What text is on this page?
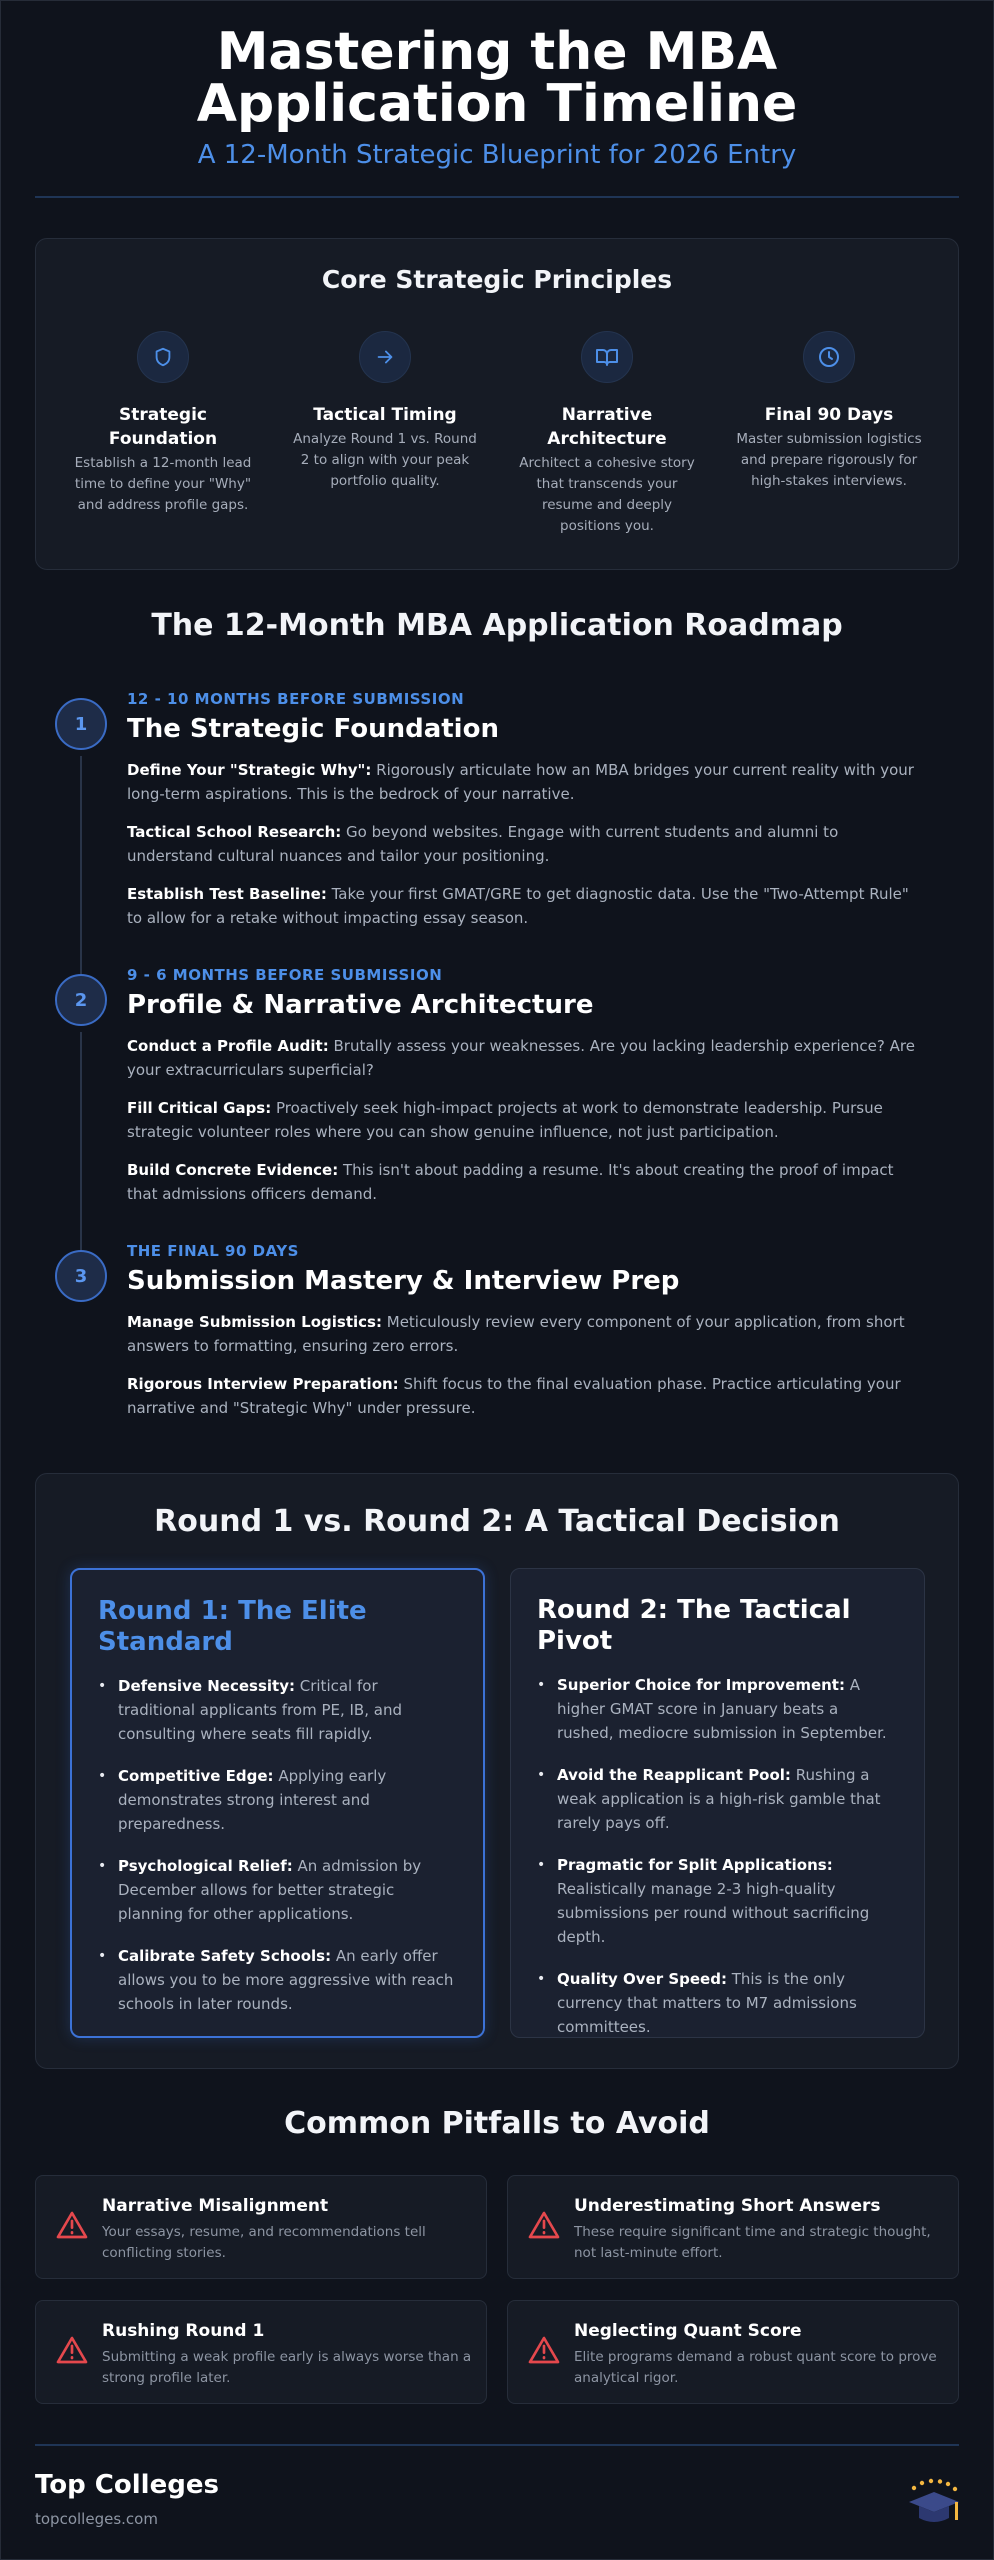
Mastering the MBA Application Timeline
A 12-Month Strategic Blueprint for 2026 Entry
Core Strategic Principles
Strategic Foundation
Establish a 12-month lead time to define your "Why" and address profile gaps.
Tactical Timing
Analyze Round 1 vs. Round 2 to align with your peak portfolio quality.
Narrative Architecture
Architect a cohesive story that transcends your resume and deeply positions you.
Final 90 Days
Master submission logistics and prepare rigorously for high-stakes interviews.
The 12-Month MBA Application Roadmap
1
12 - 10 MONTHS BEFORE SUBMISSION
The Strategic Foundation
Define Your "Strategic Why": Rigorously articulate how an MBA bridges your current reality with your long-term aspirations. This is the bedrock of your narrative.
Tactical School Research: Go beyond websites. Engage with current students and alumni to understand cultural nuances and tailor your positioning.
Establish Test Baseline: Take your first GMAT/GRE to get diagnostic data. Use the "Two-Attempt Rule" to allow for a retake without impacting essay season.
2
9 - 6 MONTHS BEFORE SUBMISSION
Profile & Narrative Architecture
Conduct a Profile Audit: Brutally assess your weaknesses. Are you lacking leadership experience? Are your extracurriculars superficial?
Fill Critical Gaps: Proactively seek high-impact projects at work to demonstrate leadership. Pursue strategic volunteer roles where you can show genuine influence, not just participation.
Build Concrete Evidence: This isn't about padding a resume. It's about creating the proof of impact that admissions officers demand.
3
THE FINAL 90 DAYS
Submission Mastery & Interview Prep
Manage Submission Logistics: Meticulously review every component of your application, from short answers to formatting, ensuring zero errors.
Rigorous Interview Preparation: Shift focus to the final evaluation phase. Practice articulating your narrative and "Strategic Why" under pressure.
Round 1 vs. Round 2: A Tactical Decision
Round 1: The Elite Standard
• Defensive Necessity: Critical for traditional applicants from PE, IB, and consulting where seats fill rapidly.
• Competitive Edge: Applying early demonstrates strong interest and preparedness.
• Psychological Relief: An admission by December allows for better strategic planning for other applications.
• Calibrate Safety Schools: An early offer allows you to be more aggressive with reach schools in later rounds.
Round 2: The Tactical Pivot
• Superior Choice for Improvement: A higher GMAT score in January beats a rushed, mediocre submission in September.
• Avoid the Reapplicant Pool: Rushing a weak application is a high-risk gamble that rarely pays off.
• Pragmatic for Split Applications: Realistically manage 2-3 high-quality submissions per round without sacrificing depth.
• Quality Over Speed: This is the only currency that matters to M7 admissions committees.
Common Pitfalls to Avoid
Narrative Misalignment
Your essays, resume, and recommendations tell conflicting stories.
Underestimating Short Answers
These require significant time and strategic thought, not last-minute effort.
Rushing Round 1
Submitting a weak profile early is always worse than a strong profile later.
Neglecting Quant Score
Elite programs demand a robust quant score to prove analytical rigor.
Top Colleges
topcolleges.com
